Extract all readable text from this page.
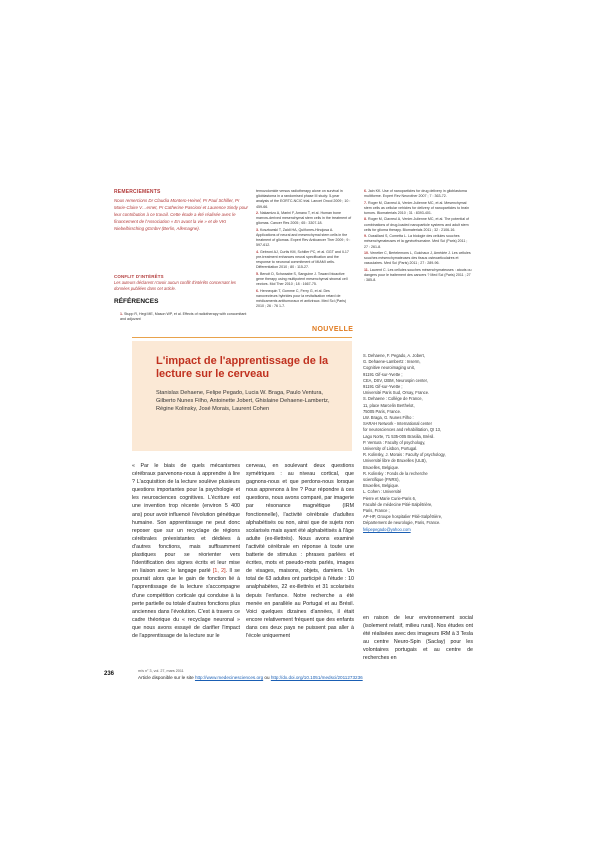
REMERCIEMENTS
Nous remercions Dr Claudia Montero-Heinel, Pr Paul Schiller, Pr Marie-Claire V…ernet, Pr Catherine Pascioni et Laurence Sindy pour leur contribution à ce travail. Cette étude a été réalisée avec le financement de l'Association « En avant la vie » et de VKI Niebelbirsching gGmbH (Berlin, Allemagne).
CONFLIT D'INTÉRÊTS
Les auteurs déclarent n'avoir aucun conflit d'intérêts concernant les données publiées dans cet article.
RÉFÉRENCES
1. Stupp R, Hegi ME, Mason WP, et al. Effects of radiotherapy with concomitant and adjuvant
temozolomide versus radiotherapy alone on survival in glioblastoma in a randomised phase III study: 5-year analysis of the EORTC-NCIC trial. Lancet Oncol 2009 ; 10 : 459-66.
2. Nakamizo A, Marini F, Amano T, et al. Human bone marrow-derived mesenchymal stem cells in the treatment of gliomas. Cancer Res 2005 ; 65 : 3307-18.
3. Kosztowski T, Zaidi HA, Quiñones-Hinojosa A. Applications of neural and mesenchymal stem cells in the treatment of gliomas. Expert Rev Anticancer Ther 2009 ; 9 : 597-612.
4. Gebroni AJ, Curtis KM, Schiller PC, et al. GGT and Il-17 pre-treatment enhances neural specification and the response to neuronal commitment of MIAMI cells. Differentiation 2010 ; 80 : 115-27.
5. Benoit D, Schwaabe S, Sanguine J. Toward bioactive gene therapy using multipotent mesenchymal stromal cell vectors. Mol Ther 2010 ; 18 : 1667-75.
6. Hennequin T, Gomme C, Ferry G, et al. Des nanovecteurs hybrides pour la revitalisation retard de médicaments antitumoraux et antiviraux. Med Sci (Paris) 2010 ; 26 : 76 1-7.
6. Jain KK. Use of nanoparticles for drug delivery in glioblastoma multiforme. Expert Rev Neurother 2007 ; 7 : 363-72.
7. Roger M, Clavreul A, Venier-Julienne MC, et al. Mesenchymal stem cells as cellular vehicles for delivery of nanoparticles to brain tumors. Biomaterials 2010 ; 31 : 8393-401.
8. Roger M, Clavreul A, Venier-Julienne MC, et al. The potential of combinations of drug-loaded nanoparticle systems and adult stem cells for glioma therapy. Biomaterials 2011 ; 32 : 2106-16.
9. Oussillard S, Cometta L. La biologie des cellules souches mésenchymateuses et la gynécéhumaine. Med Sci (Paris) 2011 ; 27 : 261-8.
10. Venetier C, Bertelemons L, Guichaux J, Amédée J. Les cellules souches mésenchymateuses des tissus osteoarticulaires et vasculaires. Med Sci (Paris) 2011 ; 27 : 289-96.
11. Laurent C. Les cellules souches mésenchymateuses : atouts ou dangers pour le traitement des cancers ? Med Sci (Paris) 2011 ; 27 : 385-8.
NOUVELLE
L'impact de l'apprentissage de la lecture sur le cerveau
Stanislas Dehaene, Felipe Pegado, Lucia W. Braga, Paulo Ventura, Gilberto Nunes Filho, Antoinette Jobert, Ghislaine Dehaene-Lambertz, Régine Kolinsky, José Morais, Laurent Cohen
S. Dehaene, F. Pegado, A. Jobert,
G. Dehaene-Lambertz : Inserm,
Cognitive neuroimaging unit,
91191 Gif-sur-Yvette ;
CEA, DSV, I2BM, Neurospin center,
91191 Gif-sur-Yvette ;
Université Paris Sud, Orsay, France.
S. Dehaene : Collège de France,
11, place Marcelin Berthelot,
75005 Paris, France.
LW. Braga, G. Nunes Filho :
SARAH Network - International center
for neurosciences and rehabilitation, QI 13,
Lago Norte, 71 535-005 Brasilia, Brésil.
P. Ventura : Faculty of psychology,
University of Lisbon, Portugal.
R. Kolinsky, J. Morais : Faculty of psychology,
Université libre de Bruxelles (ULB),
Bruxelles, Belgique.
R. Kolinsky : Fonds de la recherche
scientifique (FNRS),
Bruxelles, Belgique.
L. Cohen : Université
Pierre et Marie Curie-Paris 6,
Faculté de médecine Pitié-Salpêtrière,
Paris, France ;
AP-HP, Groupe hospitalier Pitié-Salpêtrière,
Département de neurologie, Paris, France.
felipepegado@yahoo.com
« Par le biais de quels mécanismes cérébraux parvenons-nous à apprendre à lire ? L'acquisition de la lecture soulève plusieurs questions importantes pour la psychologie et les neurosciences cognitives. L'écriture est une invention trop récente (environ 5 400 ans) pour avoir influencé l'évolution génétique humaine. Son apprentissage ne peut donc reposer que sur un recyclage de régions cérébrales préexistantes et dédiées à d'autres fonctions, mais suffisamment plastiques pour se réorienter vers l'identification des signes écrits et leur mise en liaison avec le langage parlé [1, 2]. Il se pourrait alors que le gain de fonction lié à l'apprentissage de la lecture s'accompagne d'une compétition corticale qui conduise à la perte partielle ou totale d'autres fonctions plus anciennes dans l'évolution. C'est à travers ce cadre théorique du « recyclage neuronal » que nous avons essayé de clarifier l'impact de l'apprentissage de la lecture sur le
cerveau, en soulevant deux questions symétriques : au niveau cortical, que gagnons-nous et que perdons-nous lorsque nous apprenons à lire ? Pour répondre à ces questions, nous avons comparé, par imagerie par résonance magnétique (IRM fonctionnelle), l'activité cérébrale d'adultes alphabétisés ou non, ainsi que de sujets non scolarisés mais ayant été alphabétisés à l'âge adulte (ex-illettrés). Nous avons examiné l'activité cérébrale en réponse à toute une batterie de stimulus : phrases parlées et écrites, mots et pseudo-mots parlés, images de visages, maisons, objets, damiers. Un total de 63 adultes ont participé à l'étude : 10 analphabètes, 22 ex-illettrés et 31 scolarisés depuis l'enfance. Notre recherche a été menée en parallèle au Portugal et au Brésil. Voici quelques dizaines d'années, il était encore relativement fréquent que des enfants dans ces deux pays ne puissent pas aller à l'école uniquement
en raison de leur environnement social (isolement relatif, milieu rural). Nos études ont été réalisées avec des imageurs IRM à 3 Tesla au centre Neuro-Spin (Saclay) pour les volontaires portugais et au centre de recherches en
236	m/s n° 3, vol. 27, mars 2011
Article disponible sur le site http://www.medecinesciences.org ou http://dx.doi.org/10.1051/medsci/2011273236
